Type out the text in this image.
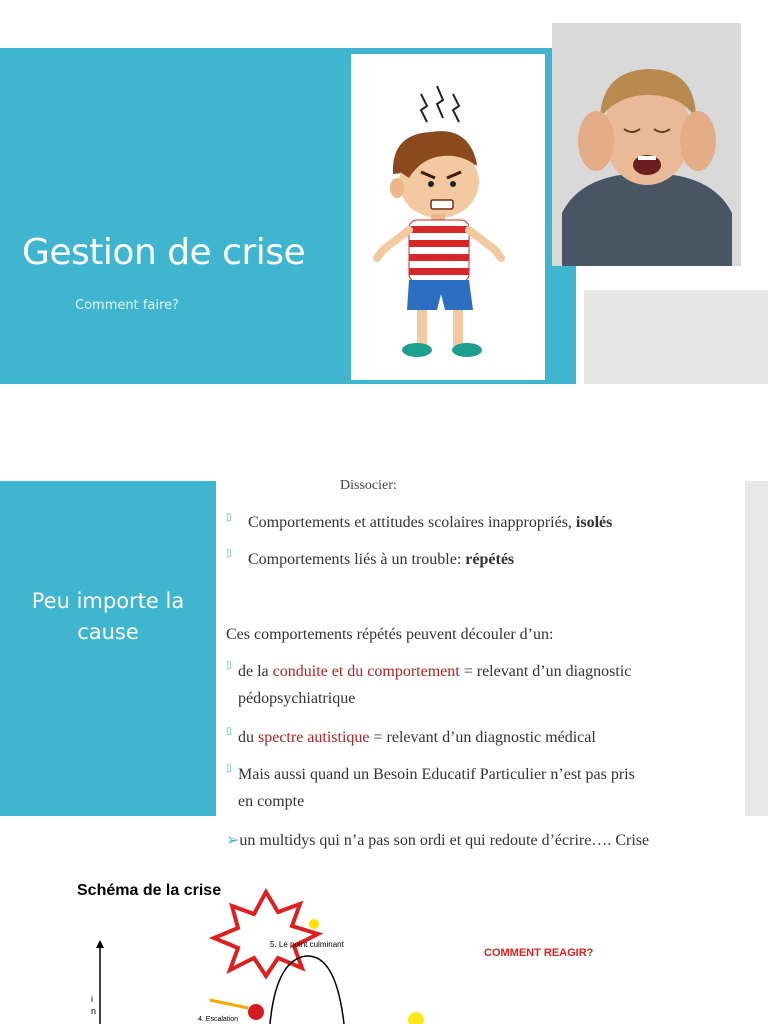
Gestion de crise
Comment faire?
Peu importe la cause
Dissocier:
▯ Comportements et attitudes scolaires inappropriés, isolés
▯ Comportements liés à un trouble: répétés
Ces comportements répétés peuvent découler d’un:
▯ de la conduite et du comportement = relevant d’un diagnostic
pédopsychiatrique
▯ du spectre autistique = relevant d’un diagnostic médical
▯ Mais aussi quand un Besoin Educatif Particulier n’est pas pris
en compte
➢un multidys qui n’a pas son ordi et qui redoute d’écrire…. Crise
Schéma de la crise
COMMENT REAGIR?
5. Le point culminant
4. Escalation
i
n
